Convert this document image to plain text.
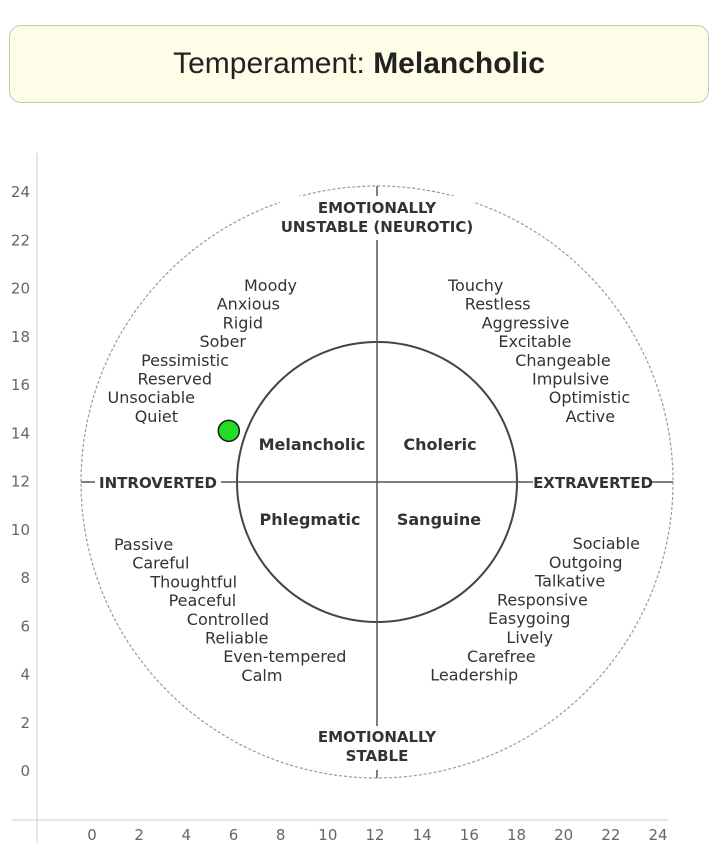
Temperament:
Melancholic
0
2
4
6
8
10
12
14
16
18
20
22
24
0	2	4	6	8 10 12 14 16 18 20 22 24
EMOTIONALLY
UNSTABLE (NEUROTIC)
EMOTIONALLY
STABLE
INTROVERTED	EXTRAVERTED
Melancholic Choleric
Phlegmatic Sanguine
Moody
Anxious
Rigid
Sober
Pessimistic
Reserved
Unsociable
Quiet
Touchy
Restless
Aggressive
Excitable
Changeable
Impulsive
Optimistic
Active
Passive
Careful
Thoughtful
Peaceful
Controlled
Reliable
Even-tempered
Calm
Sociable
Outgoing
Talkative
Responsive
Easygoing
Lively
Carefree
Leadership
